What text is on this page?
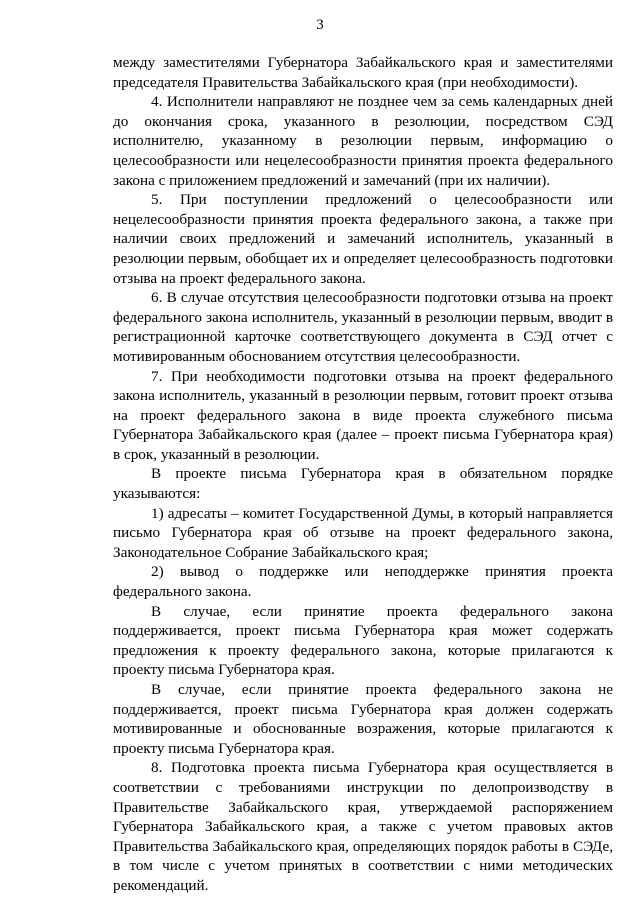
3

между заместителями Губернатора Забайкальского края и заместителями председателя Правительства Забайкальского края (при необходимости).

4. Исполнители направляют не позднее чем за семь календарных дней до окончания срока, указанного в резолюции, посредством СЭД исполнителю, указанному в резолюции первым, информацию о целесообразности или нецелесообразности принятия проекта федерального закона с приложением предложений и замечаний (при их наличии).

5. При поступлении предложений о целесообразности или нецелесообразности принятия проекта федерального закона, а также при наличии своих предложений и замечаний исполнитель, указанный в резолюции первым, обобщает их и определяет целесообразность подготовки отзыва на проект федерального закона.

6. В случае отсутствия целесообразности подготовки отзыва на проект федерального закона исполнитель, указанный в резолюции первым, вводит в регистрационной карточке соответствующего документа в СЭД отчет с мотивированным обоснованием отсутствия целесообразности.

7. При необходимости подготовки отзыва на проект федерального закона исполнитель, указанный в резолюции первым, готовит проект отзыва на проект федерального закона в виде проекта служебного письма Губернатора Забайкальского края (далее – проект письма Губернатора края) в срок, указанный в резолюции.

В проекте письма Губернатора края в обязательном порядке указываются:

1) адресаты – комитет Государственной Думы, в который направляется письмо Губернатора края об отзыве на проект федерального закона, Законодательное Собрание Забайкальского края;

2) вывод о поддержке или неподдержке принятия проекта федерального закона.

В случае, если принятие проекта федерального закона поддерживается, проект письма Губернатора края может содержать предложения к проекту федерального закона, которые прилагаются к проекту письма Губернатора края.

В случае, если принятие проекта федерального закона не поддерживается, проект письма Губернатора края должен содержать мотивированные и обоснованные возражения, которые прилагаются к проекту письма Губернатора края.

8. Подготовка проекта письма Губернатора края осуществляется в соответствии с требованиями инструкции по делопроизводству в Правительстве Забайкальского края, утверждаемой распоряжением Губернатора Забайкальского края, а также с учетом правовых актов Правительства Забайкальского края, определяющих порядок работы в СЭДе, в том числе с учетом принятых в соответствии с ними методических рекомендаций.
